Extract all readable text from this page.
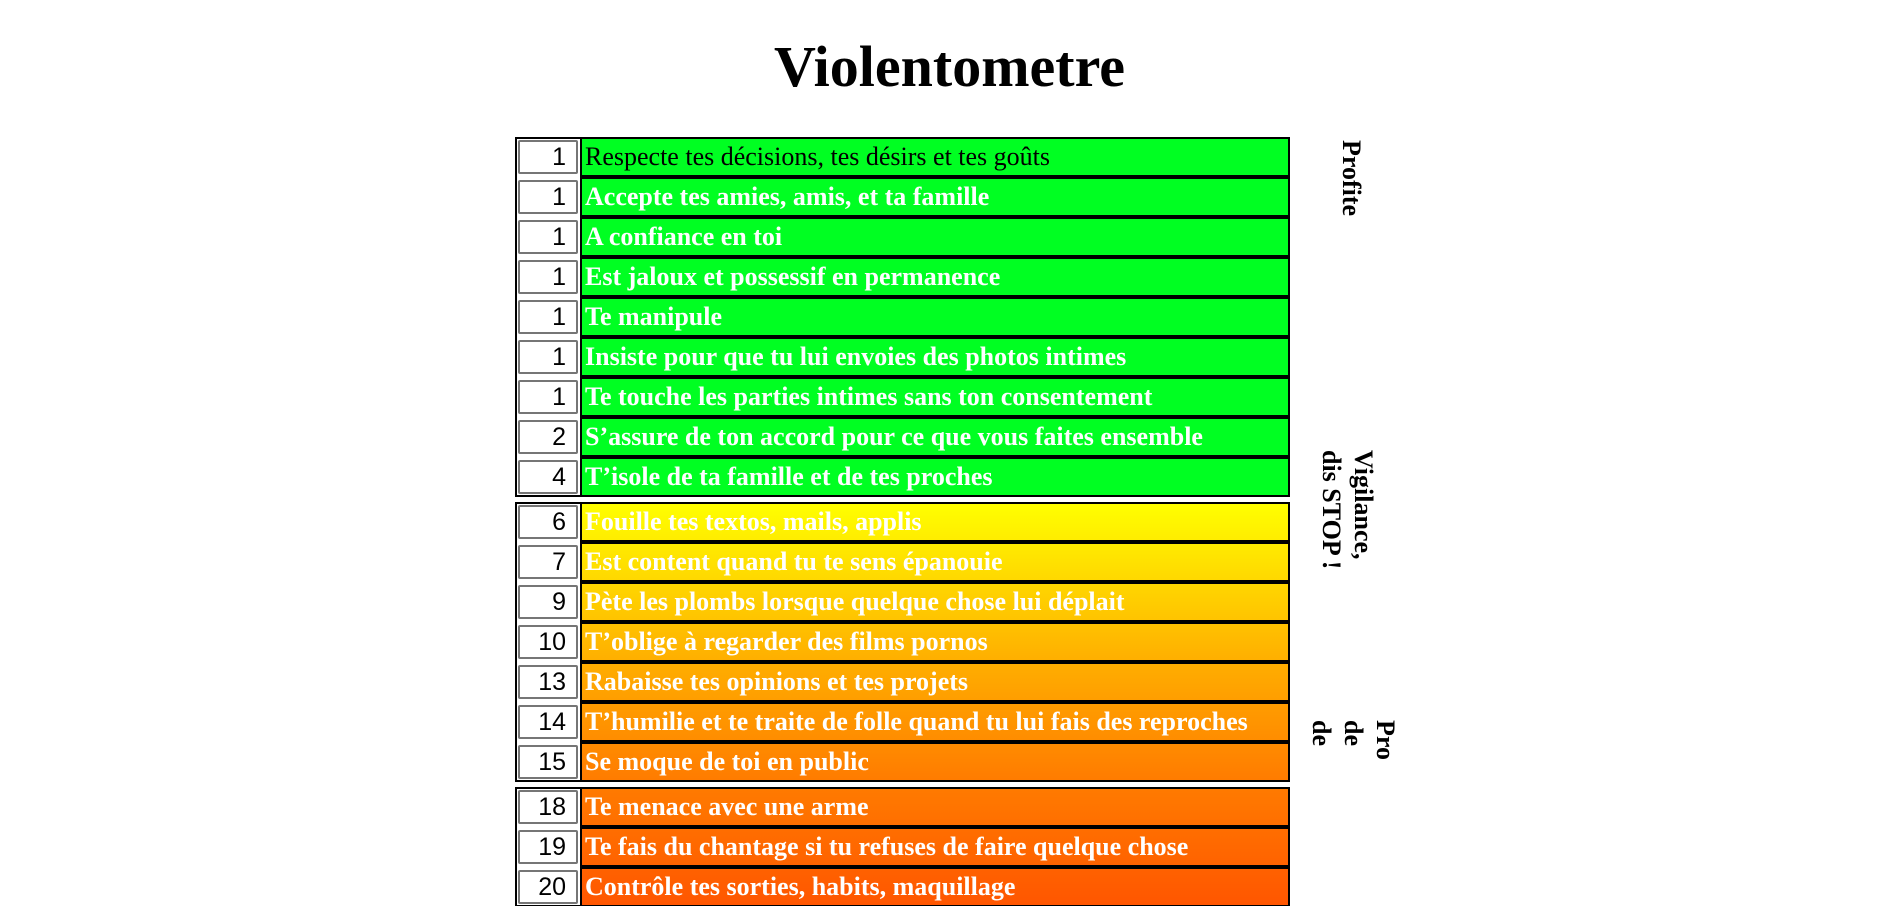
Violentometre
1 Respecte tes décisions, tes désirs et tes goûts
1 Accepte tes amies, amis, et ta famille
1 A confiance en toi
1 Est jaloux et possessif en permanence
1 Te manipule
1 Insiste pour que tu lui envoies des photos intimes
1 Te touche les parties intimes sans ton consentement
2 S’assure de ton accord pour ce que vous faites ensemble
4 T’isole de ta famille et de tes proches
6 Fouille tes textos, mails, applis
7 Est content quand tu te sens épanouie
9 Pète les plombs lorsque quelque chose lui déplait
10 T’oblige à regarder des films pornos
13 Rabaisse tes opinions et tes projets
14 T’humilie et te traite de folle quand tu lui fais des reproches
15 Se moque de toi en public
18 Te menace avec une arme
19 Te fais du chantage si tu refuses de faire quelque chose
20 Contrôle tes sorties, habits, maquillage
Profite
Vigilance,
dis STOP !
Pro
de
de
